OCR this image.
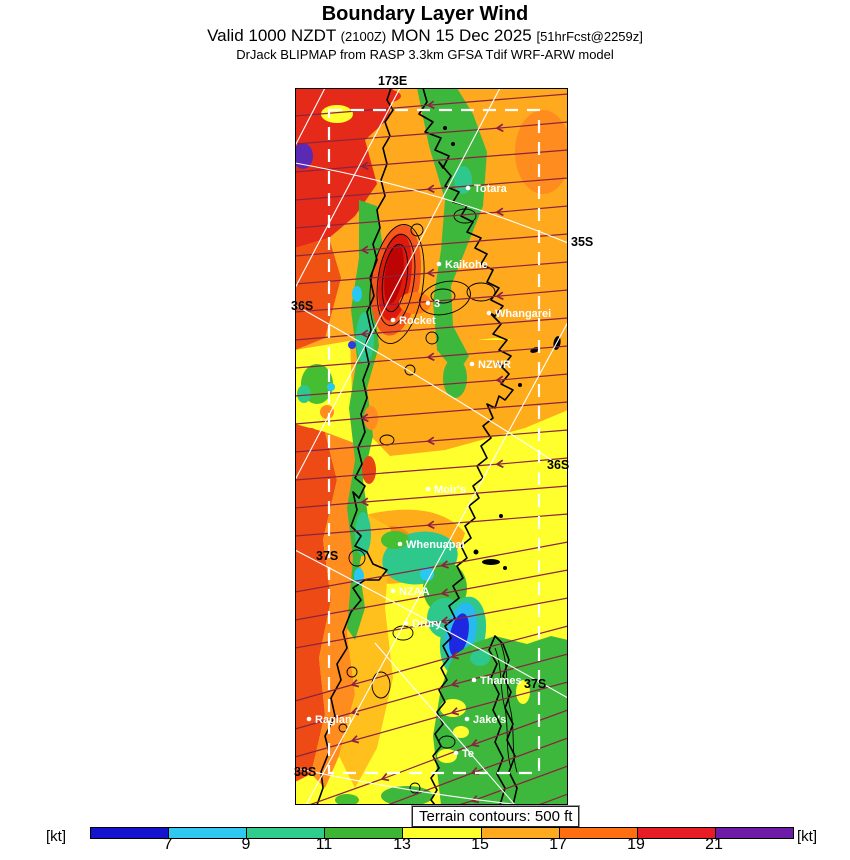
Boundary Layer Wind
Valid 1000 NZDT (2100Z) MON 15 Dec 2025 [51hrFcst@2259z]
DrJack BLIPMAP from RASP 3.3km GFSA Tdif WRF-ARW model
Totara
Kaikohe
3
Rocket
Whangarei
NZWR
Moir's
Whenuapai
NZAA
Drury
Thames
Jake's
Raglan
Te
173E
35S
36S
36S
37S
37S
38S
Terrain contours: 500 ft
[kt]	7	9	11	13	15	17	19	21	[kt]
